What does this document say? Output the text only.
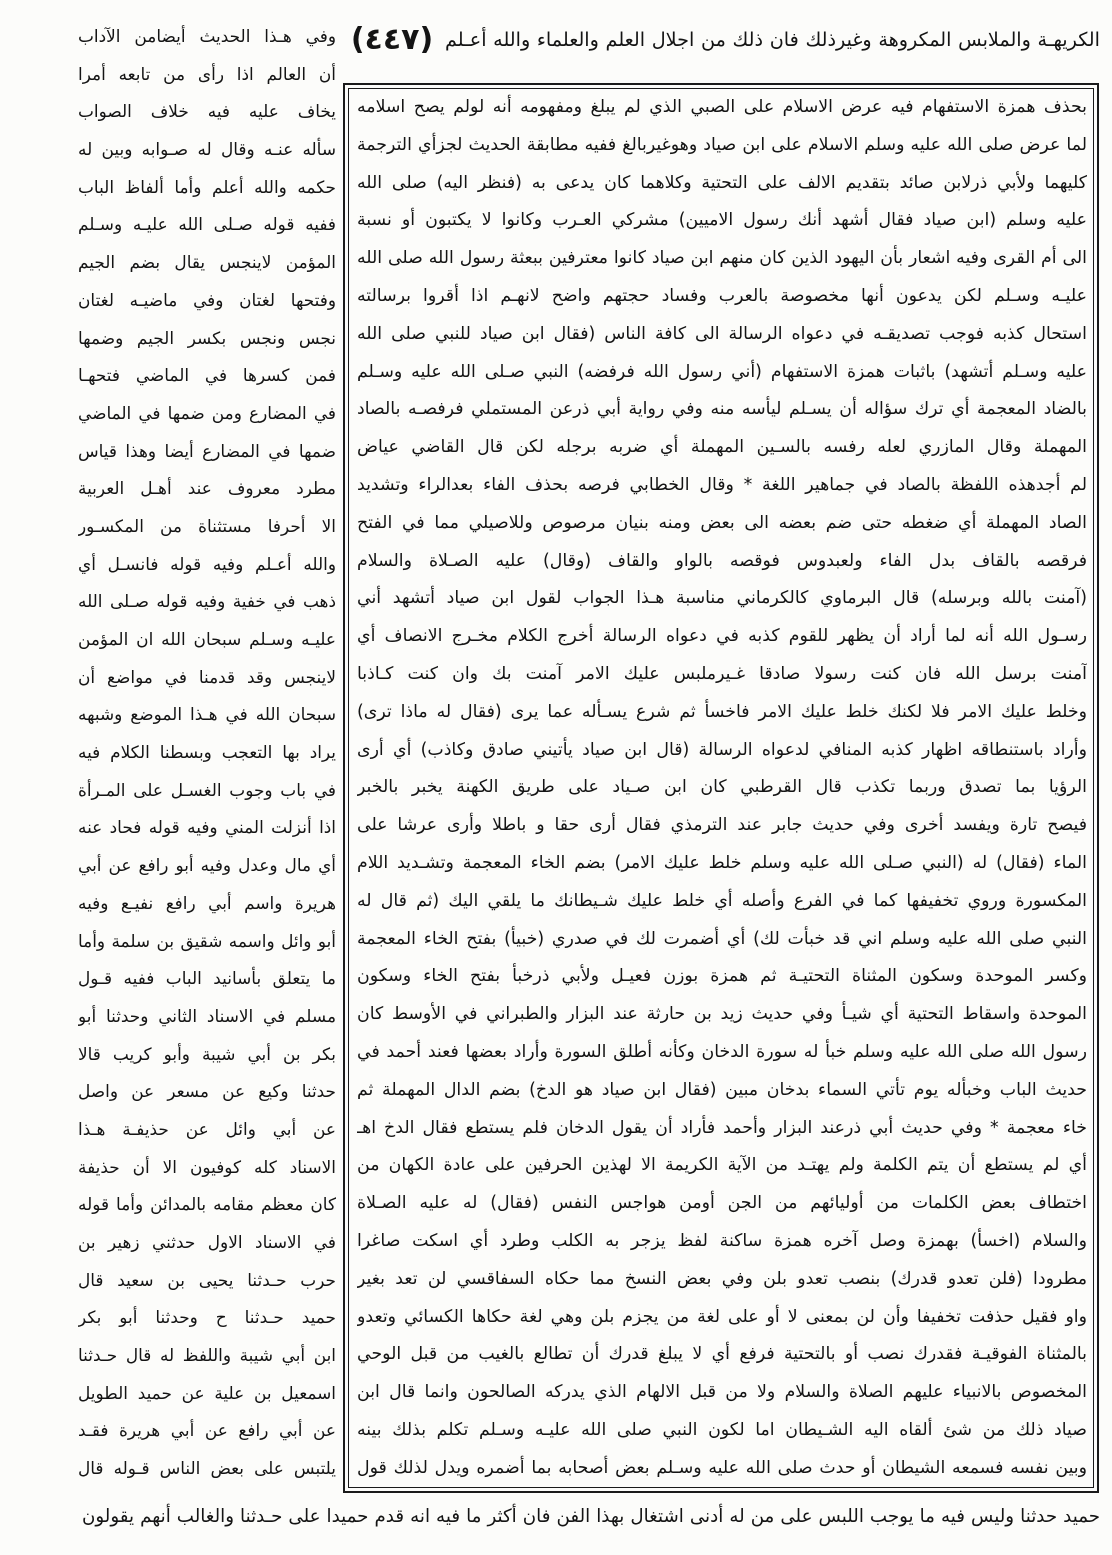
الكريهـة والملابس المكروهة وغيرذلك فان ذلك من اجلال العلم والعلماء والله أعـلم
(٤٤٧)
وفي هـذا الحديث أيضامن الآداب
أن العالم اذا رأى من تابعه أمرا
يخاف عليه فيه خلاف الصواب
سأله عنـه وقال له صـوابه وبين له
حكمه والله أعلم وأما ألفاظ الباب
ففيه قوله صـلى الله عليـه وسـلم
المؤمن لاينجس يقال بضم الجيم
وفتحها لغتان وفي ماضيـه لغتان
نجس ونجس بكسر الجيم وضمها
فمن كسرها في الماضي فتحهـا
في المضارع ومن ضمها في الماضي
ضمها في المضارع أيضا وهذا قياس
مطرد معروف عند أهـل العربية
الا أحرفا مستثناة من المكسـور
والله أعـلم وفيه قوله فانسـل أي
ذهب في خفية وفيه قوله صـلى الله
عليـه وسـلم سبحان الله ان المؤمن
لاينجس وقد قدمنا في مواضع أن
سبحان الله في هـذا الموضع وشبهه
يراد بها التعجب وبسطنا الكلام فيه
في باب وجوب الغسـل على المـرأة
اذا أنزلت المني وفيه قوله فحاد عنه
أي مال وعدل وفيه أبو رافع عن أبي
هريرة واسم أبي رافع نفيـع وفيه
أبو وائل واسمه شقيق بن سلمة وأما
ما يتعلق بأسانيد الباب ففيه قـول
مسلم في الاسناد الثاني وحدثنا أبو
بكر بن أبي شيبة وأبو كريب قالا
حدثنا وكيع عن مسعر عن واصل
عن أبي وائل عن حذيفـة هـذا
الاسناد كله كوفيون الا أن حذيفة
كان معظم مقامه بالمدائن وأما قوله
في الاسناد الاول حدثني زهير بن
حرب حـدثنا يحيى بن سعيد قال
حميد حـدثنا ح وحدثنا أبو بكر
ابن أبي شيبة واللفظ له قال حـدثنا
اسمعيل بن علية عن حميد الطويل
عن أبي رافع عن أبي هريرة فقـد
يلتبس على بعض الناس قـوله قال
بحذف همزة الاستفهام فيه عرض الاسلام على الصبي الذي لم يبلغ ومفهومه أنه لولم يصح اسلامه
لما عرض صلى الله عليه وسلم الاسلام على ابن صياد وهوغيربالغ ففيه مطابقة الحديث لجزأي الترجمة
كليهما ولأبي ذرلابن صائد بتقديم الالف على التحتية وكلاهما كان يدعى به (فنظر اليه) صلى الله
عليه وسلم (ابن صياد فقال أشهد أنك رسول الاميين) مشركي العـرب وكانوا لا يكتبون أو نسبة
الى أم القرى وفيه اشعار بأن اليهود الذين كان منهم ابن صياد كانوا معترفين ببعثة رسول الله صلى الله
عليـه وسـلم لكن يدعون أنها مخصوصة بالعرب وفساد حجتهم واضح لانهـم اذا أقروا برسالته
استحال كذبه فوجب تصديقـه في دعواه الرسالة الى كافة الناس (فقال ابن صياد للنبي صلى الله
عليه وسـلم أتشهد) باثبات همزة الاستفهام (أني رسول الله فرفضه) النبي صـلى الله عليه وسـلم
بالضاد المعجمة أي ترك سؤاله أن يسـلم ليأسه منه وفي رواية أبي ذرعن المستملي فرفصـه بالصاد
المهملة وقال المازري لعله رفسه بالسـين المهملة أي ضربه برجله لكن قال القاضي عياض
لم أجدهذه اللفظة بالصاد في جماهير اللغة * وقال الخطابي فرصه بحذف الفاء بعدالراء وتشديد
الصاد المهملة أي ضغطه حتى ضم بعضه الى بعض ومنه بنيان مرصوص وللاصيلي مما في الفتح
فرقصه بالقاف بدل الفاء ولعبدوس فوقصه بالواو والقاف (وقال) عليه الصـلاة والسلام
(آمنت بالله وبرسله) قال البرماوي كالكرماني مناسبة هـذا الجواب لقول ابن صياد أتشهد أني
رسـول الله أنه لما أراد أن يظهر للقوم كذبه في دعواه الرسالة أخرج الكلام مخـرج الانصاف أي
آمنت برسل الله فان كنت رسولا صادقا غـيرملبس عليك الامر آمنت بك وان كنت كـاذبا
وخلط عليك الامر فلا لكنك خلط عليك الامر فاخسأ ثم شرع يسـأله عما يرى (فقال له ماذا ترى)
وأراد باستنطاقه اظهار كذبه المنافي لدعواه الرسالة (قال ابن صياد يأتيني صادق وكاذب) أي أرى
الرؤيا بما تصدق وربما تكذب قال القرطبي كان ابن صـياد على طريق الكهنة يخبر بالخبر
فيصح تارة ويفسد أخرى وفي حديث جابر عند الترمذي فقال أرى حقا و باطلا وأرى عرشا على
الماء (فقال) له (النبي صـلى الله عليه وسلم خلط عليك الامر) بضم الخاء المعجمة وتشـديد اللام
المكسورة وروي تخفيفها كما في الفرع وأصله أي خلط عليك شـيطانك ما يلقي اليك (ثم قال له
النبي صلى الله عليه وسلم اني قد خبأت لك) أي أضمرت لك في صدري (خبيأ) بفتح الخاء المعجمة
وكسر الموحدة وسكون المثناة التحتيـة ثم همزة بوزن فعيـل ولأبي ذرخبأ بفتح الخاء وسكون
الموحدة واسقاط التحتية أي شيـأ وفي حديث زيد بن حارثة عند البزار والطبراني في الأوسط كان
رسول الله صلى الله عليه وسلم خبأ له سورة الدخان وكأنه أطلق السورة وأراد بعضها فعند أحمد في
حديث الباب وخبأله يوم تأتي السماء بدخان مبين (فقال ابن صياد هو الدخ) بضم الدال المهملة ثم
خاء معجمة * وفي حديث أبي ذرعند البزار وأحمد فأراد أن يقول الدخان فلم يستطع فقال الدخ اهـ
أي لم يستطع أن يتم الكلمة ولم يهتـد من الآية الكريمة الا لهذين الحرفين على عادة الكهان من
اختطاف بعض الكلمات من أوليائهم من الجن أومن هواجس النفس (فقال) له عليه الصـلاة
والسلام (اخسأ) بهمزة وصل آخره همزة ساكنة لفظ يزجر به الكلب وطرد أي اسكت صاغرا
مطرودا (فلن تعدو قدرك) بنصب تعدو بلن وفي بعض النسخ مما حكاه السفاقسي لن تعد بغير
واو فقيل حذفت تخفيفا وأن لن بمعنى لا أو على لغة من يجزم بلن وهي لغة حكاها الكسائي وتعدو
بالمثناة الفوقيـة فقدرك نصب أو بالتحتية فرفع أي لا يبلغ قدرك أن تطالع بالغيب من قبل الوحي
المخصوص بالانبياء عليهم الصلاة والسلام ولا من قبل الالهام الذي يدركه الصالحون وانما قال ابن
صياد ذلك من شئ ألقاه اليه الشـيطان اما لكون النبي صلى الله عليـه وسـلم تكلم بذلك بينه
وبين نفسه فسمعه الشيطان أو حدث صلى الله عليه وسـلم بعض أصحابه بما أضمره ويدل لذلك قول
حميد حدثنا وليس فيه ما يوجب اللبس على من له أدنى اشتغال بهذا الفن فان أكثر ما فيه انه قدم حميدا على حـدثنا والغالب أنهم يقولون
